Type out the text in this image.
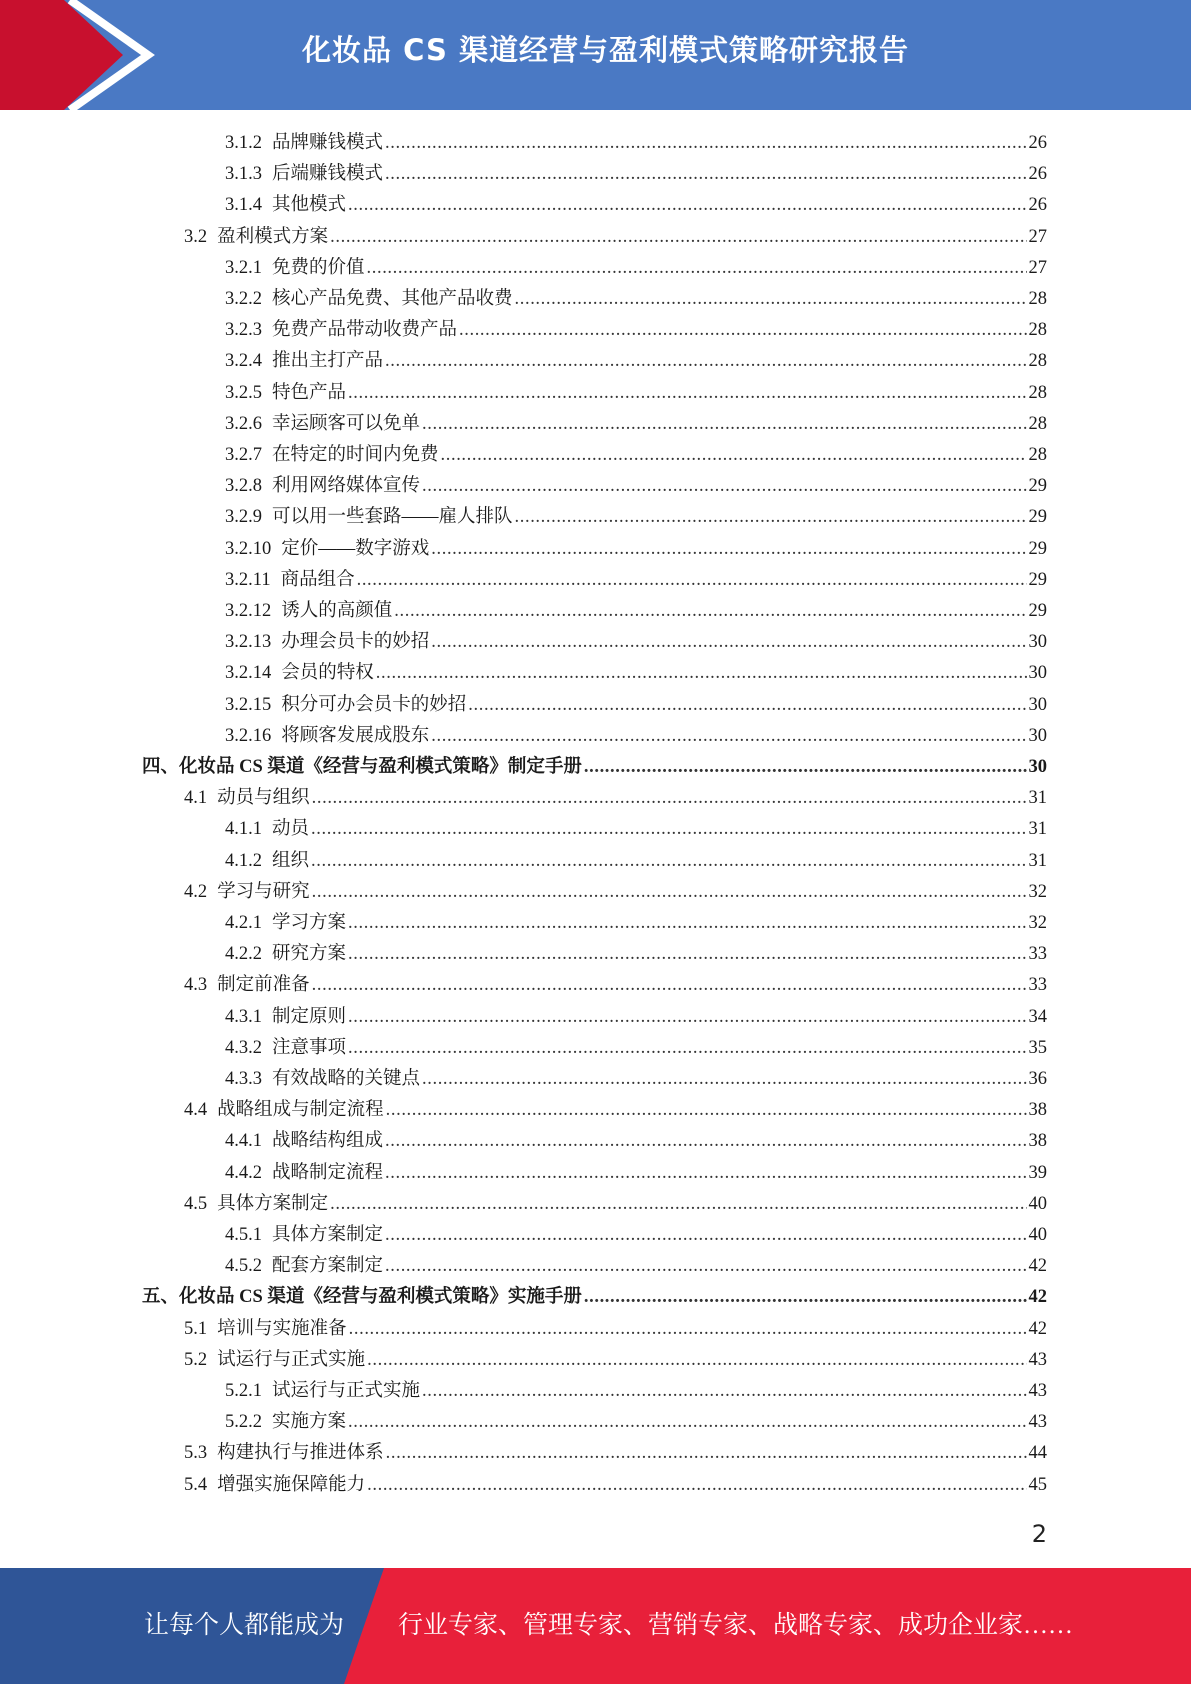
化妆品 CS 渠道经营与盈利模式策略研究报告
3.1.2 品牌赚钱模式 .....	26
3.1.3 后端赚钱模式 .....	26
3.1.4 其他模式 .....	26
3.2 盈利模式方案 .....	27
3.2.1 免费的价值 .....	27
3.2.2 核心产品免费、其他产品收费 .....	28
3.2.3 免费产品带动收费产品 .....	28
3.2.4 推出主打产品 .....	28
3.2.5 特色产品 .....	28
3.2.6 幸运顾客可以免单 .....	28
3.2.7 在特定的时间内免费 .....	28
3.2.8 利用网络媒体宣传 .....	29
3.2.9 可以用一些套路——雇人排队 .....	29
3.2.10 定价——数字游戏 .....	29
3.2.11 商品组合 .....	29
3.2.12 诱人的高颜值 .....	29
3.2.13 办理会员卡的妙招 .....	30
3.2.14 会员的特权 .....	30
3.2.15 积分可办会员卡的妙招 .....	30
3.2.16 将顾客发展成股东 .....	30
四、化妆品 CS 渠道《经营与盈利模式策略》制定手册 .....	30
4.1 动员与组织 .....	31
4.1.1 动员 .....	31
4.1.2 组织 .....	31
4.2 学习与研究 .....	32
4.2.1 学习方案 .....	32
4.2.2 研究方案 .....	33
4.3 制定前准备 .....	33
4.3.1 制定原则 .....	34
4.3.2 注意事项 .....	35
4.3.3 有效战略的关键点 .....	36
4.4 战略组成与制定流程 .....	38
4.4.1 战略结构组成 .....	38
4.4.2 战略制定流程 .....	39
4.5 具体方案制定 .....	40
4.5.1 具体方案制定 .....	40
4.5.2 配套方案制定 .....	42
五、化妆品 CS 渠道《经营与盈利模式策略》实施手册 .....	42
5.1 培训与实施准备 .....	42
5.2 试运行与正式实施 .....	43
5.2.1 试运行与正式实施 .....	43
5.2.2 实施方案 .....	43
5.3 构建执行与推进体系 .....	44
5.4 增强实施保障能力 .....	45
2
让每个人都能成为 行业专家、管理专家、营销专家、战略专家、成功企业家……
